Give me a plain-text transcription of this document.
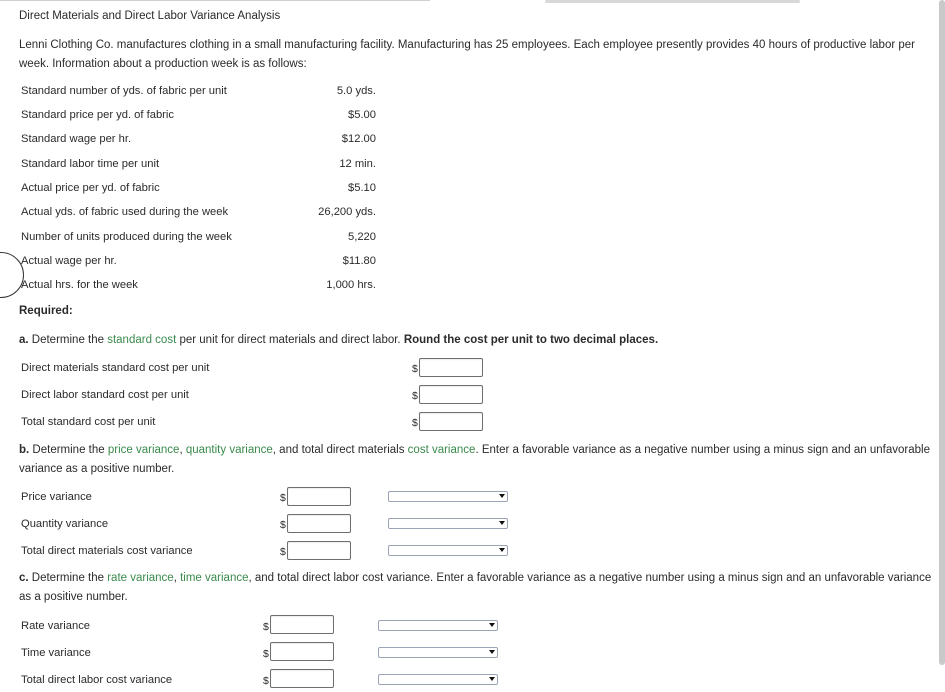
Direct Materials and Direct Labor Variance Analysis
Lenni Clothing Co. manufactures clothing in a small manufacturing facility. Manufacturing has 25 employees. Each employee presently provides 40 hours of productive labor per week. Information about a production week is as follows:
Standard number of yds. of fabric per unit	5.0 yds.
Standard price per yd. of fabric	$5.00
Standard wage per hr.	$12.00
Standard labor time per unit	12 min.
Actual price per yd. of fabric	$5.10
Actual yds. of fabric used during the week	26,200 yds.
Number of units produced during the week	5,220
Actual wage per hr.	$11.80
Actual hrs. for the week	1,000 hrs.
Required:
a. Determine the standard cost per unit for direct materials and direct labor. Round the cost per unit to two decimal places.
Direct materials standard cost per unit	$
Direct labor standard cost per unit	$
Total standard cost per unit	$
b. Determine the price variance, quantity variance, and total direct materials cost variance. Enter a favorable variance as a negative number using a minus sign and an unfavorable variance as a positive number.
Price variance	$
Quantity variance	$
Total direct materials cost variance	$
c. Determine the rate variance, time variance, and total direct labor cost variance. Enter a favorable variance as a negative number using a minus sign and an unfavorable variance as a positive number.
Rate variance	$
Time variance	$
Total direct labor cost variance	$
